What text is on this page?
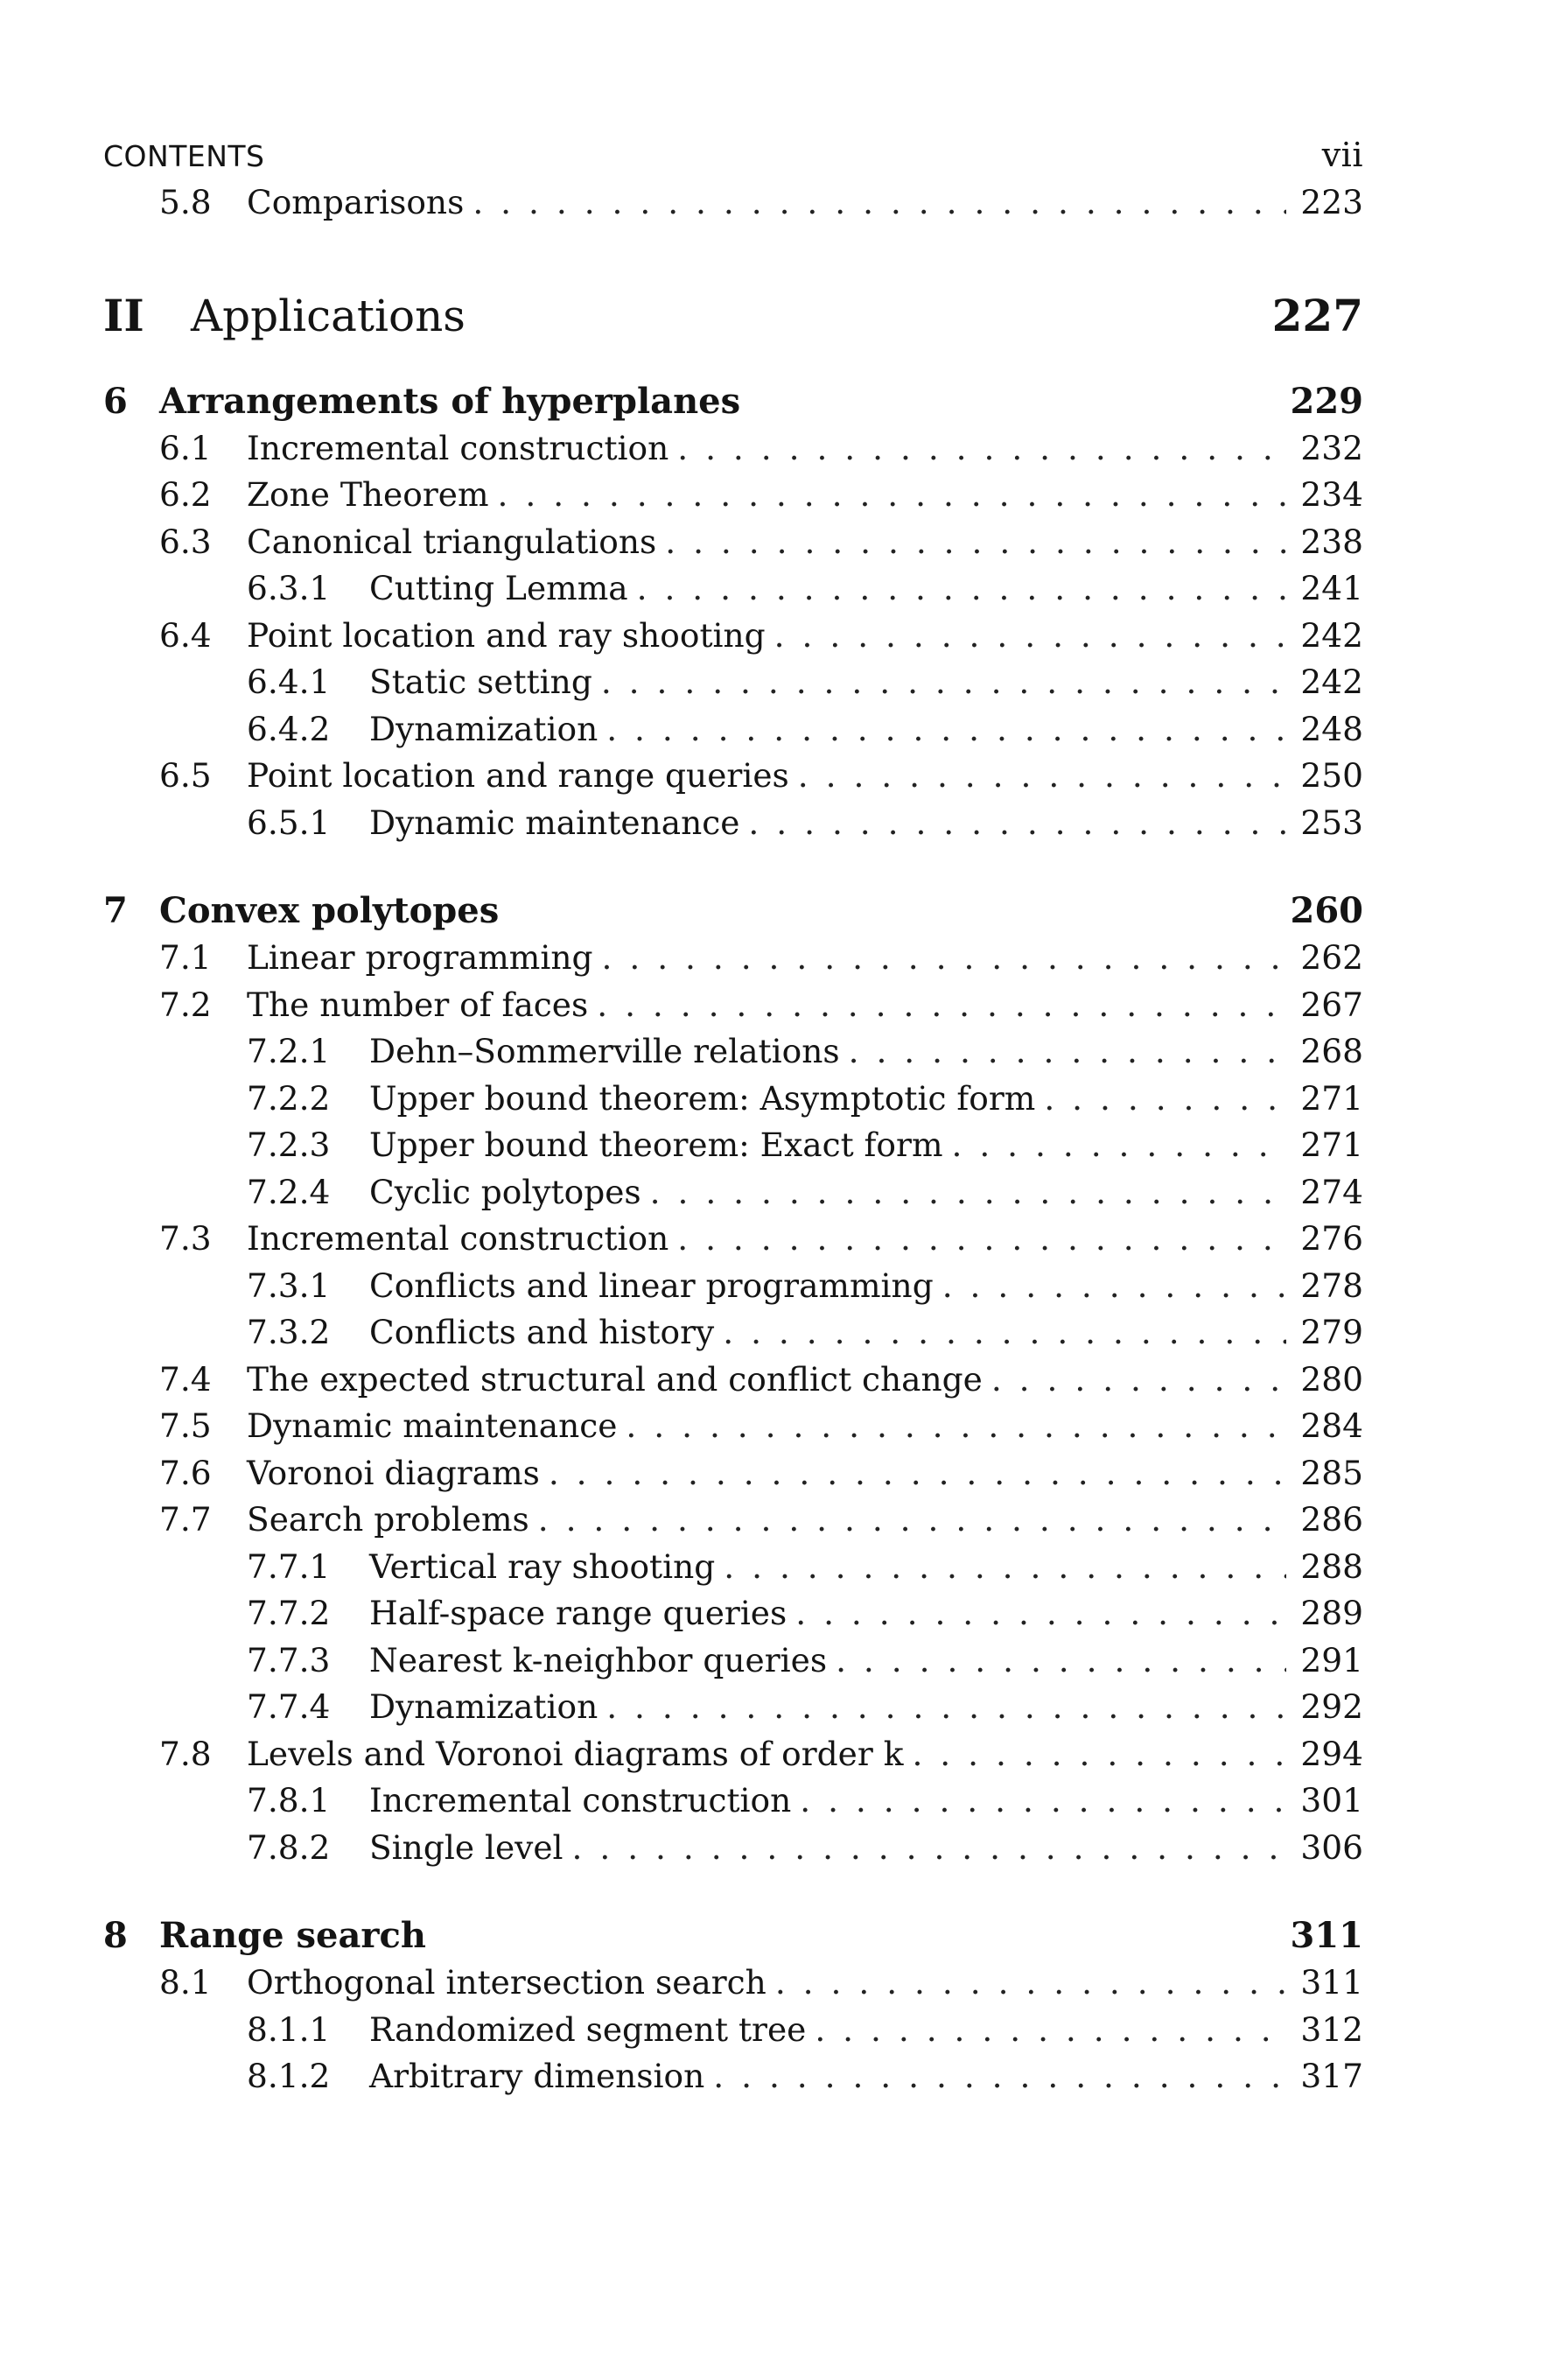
CONTENTS	vii
5.8	Comparisons . . .	223
II	Applications	227
6 Arrangements of hyperplanes	229
6.1	Incremental construction . . .	232
6.2	Zone Theorem . . .	234
6.3	Canonical triangulations . . .	238
6.3.1	Cutting Lemma . . .	241
6.4	Point location and ray shooting . . .	242
6.4.1	Static setting . . .	242
6.4.2	Dynamization . . .	248
6.5	Point location and range queries . . .	250
6.5.1	Dynamic maintenance . . .	253
7 Convex polytopes	260
7.1	Linear programming . . .	262
7.2	The number of faces . . .	267
7.2.1	Dehn–Sommerville relations . . .	268
7.2.2	Upper bound theorem: Asymptotic form . . .	271
7.2.3	Upper bound theorem: Exact form . . .	271
7.2.4	Cyclic polytopes . . .	274
7.3	Incremental construction . . .	276
7.3.1	Conflicts and linear programming . . .	278
7.3.2	Conflicts and history . . .	279
7.4	The expected structural and conflict change . . .	280
7.5	Dynamic maintenance . . .	284
7.6	Voronoi diagrams . . .	285
7.7	Search problems . . .	286
7.7.1	Vertical ray shooting . . .	288
7.7.2	Half-space range queries . . .	289
7.7.3	Nearest k-neighbor queries . . .	291
7.7.4	Dynamization . . .	292
7.8	Levels and Voronoi diagrams of order k . . .	294
7.8.1	Incremental construction . . .	301
7.8.2	Single level . . .	306
8 Range search	311
8.1	Orthogonal intersection search . . .	311
8.1.1	Randomized segment tree . . .	312
8.1.2	Arbitrary dimension . . .	317
